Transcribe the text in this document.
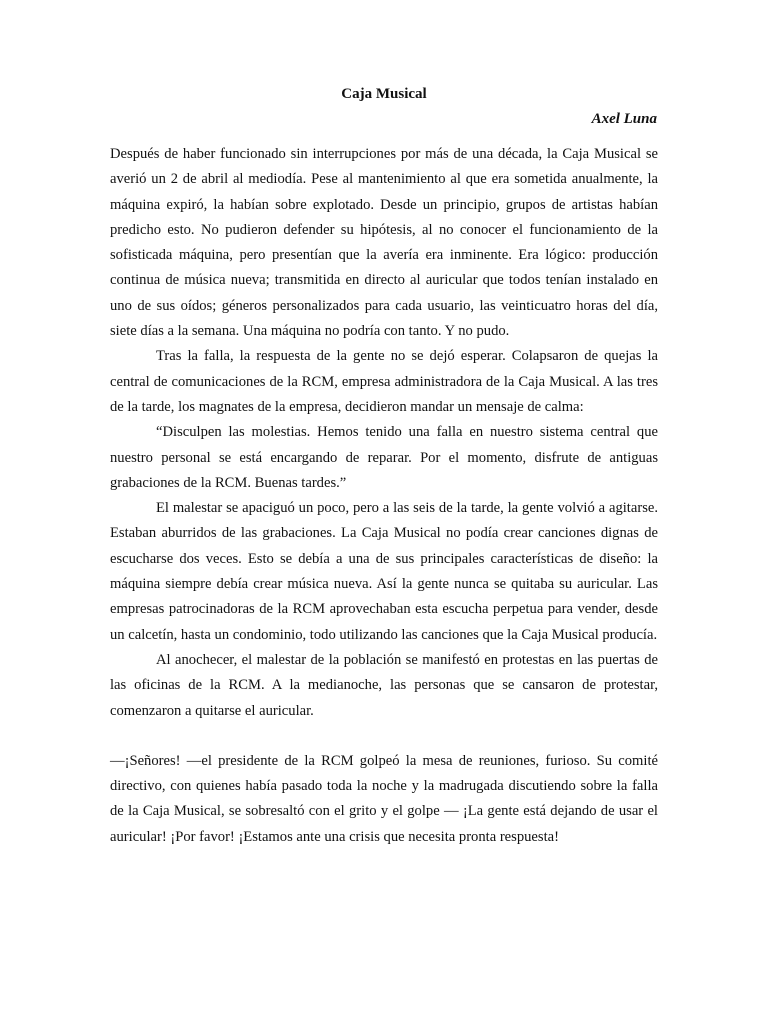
Caja Musical
Axel Luna

Después de haber funcionado sin interrupciones por más de una década, la Caja Musical se averió un 2 de abril al mediodía. Pese al mantenimiento al que era sometida anualmente, la máquina expiró, la habían sobre explotado. Desde un principio, grupos de artistas habían predicho esto. No pudieron defender su hipótesis, al no conocer el funcionamiento de la sofisticada máquina, pero presentían que la avería era inminente. Era lógico: producción continua de música nueva; transmitida en directo al auricular que todos tenían instalado en uno de sus oídos; géneros personalizados para cada usuario, las veinticuatro horas del día, siete días a la semana. Una máquina no podría con tanto. Y no pudo.

Tras la falla, la respuesta de la gente no se dejó esperar. Colapsaron de quejas la central de comunicaciones de la RCM, empresa administradora de la Caja Musical. A las tres de la tarde, los magnates de la empresa, decidieron mandar un mensaje de calma:

“Disculpen las molestias. Hemos tenido una falla en nuestro sistema central que nuestro personal se está encargando de reparar. Por el momento, disfrute de antiguas grabaciones de la RCM. Buenas tardes.”

El malestar se apaciguó un poco, pero a las seis de la tarde, la gente volvió a agitarse. Estaban aburridos de las grabaciones. La Caja Musical no podía crear canciones dignas de escucharse dos veces. Esto se debía a una de sus principales características de diseño: la máquina siempre debía crear música nueva. Así la gente nunca se quitaba su auricular. Las empresas patrocinadoras de la RCM aprovechaban esta escucha perpetua para vender, desde un calcetín, hasta un condominio, todo utilizando las canciones que la Caja Musical producía.

Al anochecer, el malestar de la población se manifestó en protestas en las puertas de las oficinas de la RCM. A la medianoche, las personas que se cansaron de protestar, comenzaron a quitarse el auricular.

—¡Señores! —el presidente de la RCM golpeó la mesa de reuniones, furioso. Su comité directivo, con quienes había pasado toda la noche y la madrugada discutiendo sobre la falla de la Caja Musical, se sobresaltó con el grito y el golpe — ¡La gente está dejando de usar el auricular! ¡Por favor! ¡Estamos ante una crisis que necesita pronta respuesta!
